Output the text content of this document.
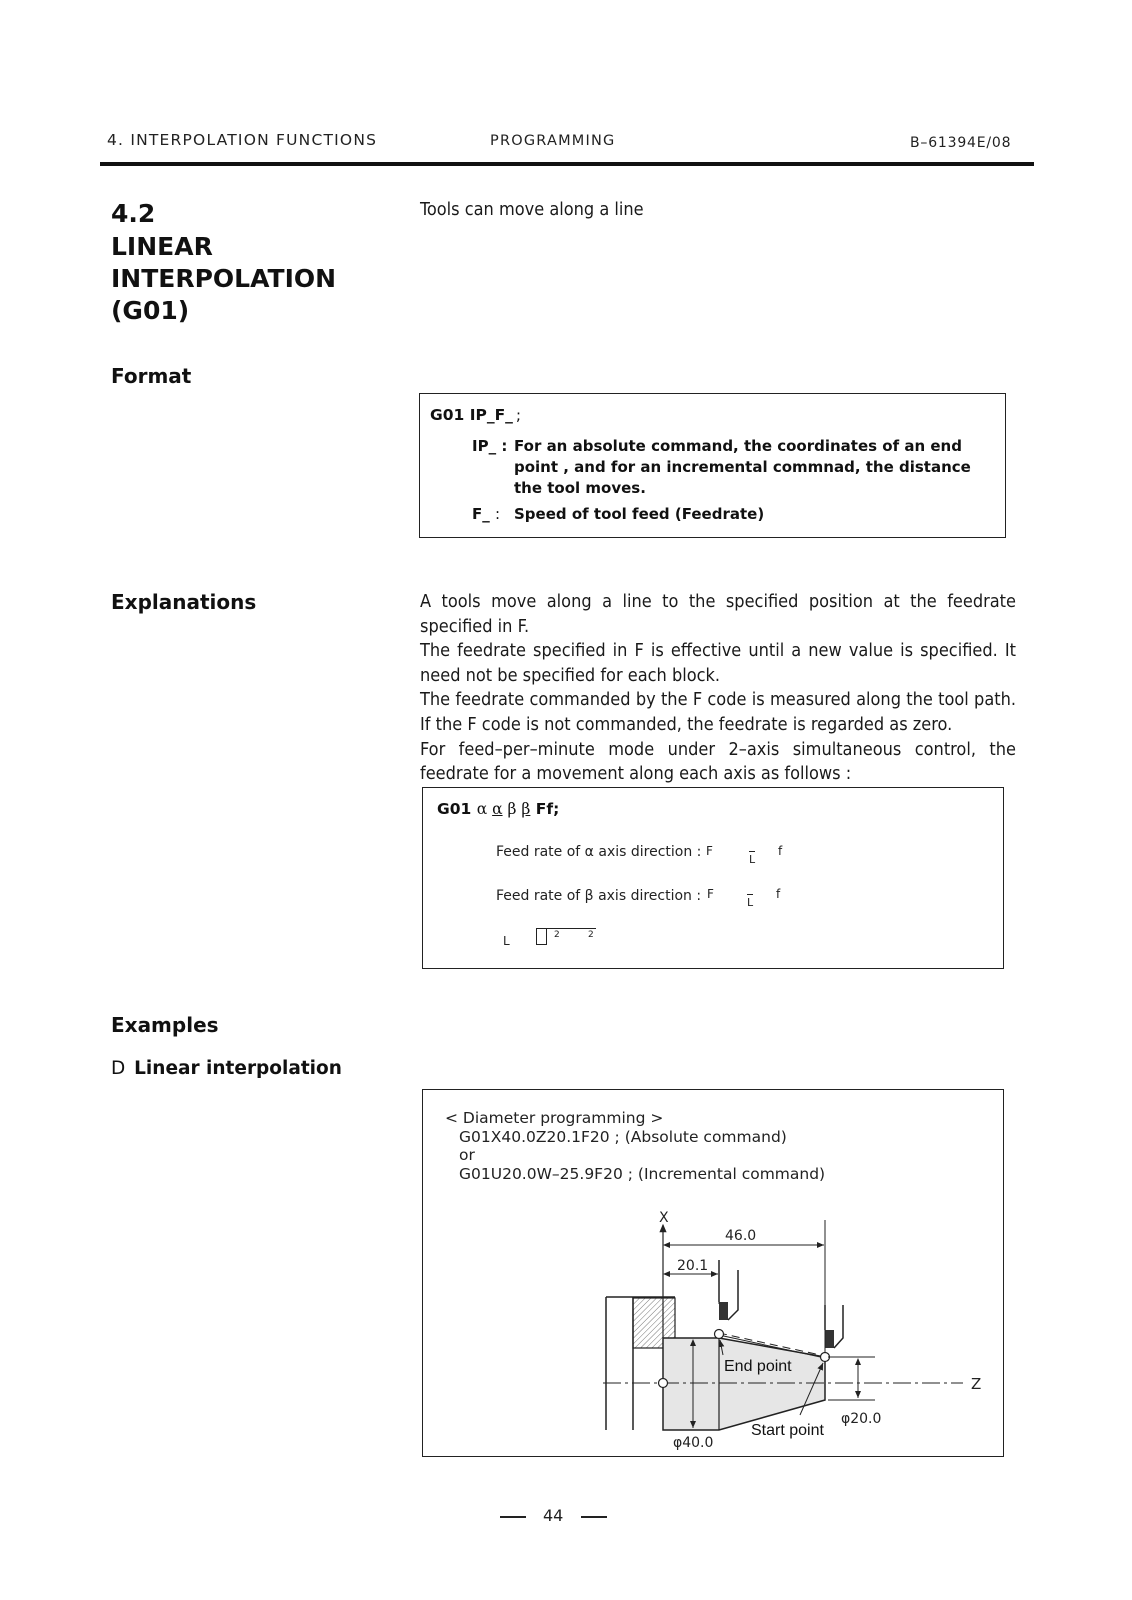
4. INTERPOLATION FUNCTIONS	PROGRAMMING	B–61394E/08
4.2
LINEAR
INTERPOLATION
(G01)
Tools can move along a line
Format
G01 IP_F_ ;
IP_ : For an absolute command, the coordinates of an end
point , and for an incremental commnad, the distance
the tool moves.
F_ : Speed of tool feed (Feedrate)
Explanations	A tools move along a line to the specified position at the feedrate specified in F.
The feedrate specified in F is effective until a new value is specified. It need not be specified for each block.
The feedrate commanded by the F code is measured along the tool path. If the F code is not commanded, the feedrate is regarded as zero.
For feed–per–minute mode under 2–axis simultaneous control, the feedrate for a movement along each axis as follows :
G01 α α β β Ff;
Feed rate of α axis direction : F
L
f
Feed rate of β axis direction : F
L
f
L	2	2
Examples
D Linear interpolation
< Diameter programming >
G01X40.0Z20.1F20 ; (Absolute command)
or
G01U20.0W–25.9F20 ; (Incremental command)
X
Z
46.0
20.1
End point
Start point
φ40.0
φ20.0
44
